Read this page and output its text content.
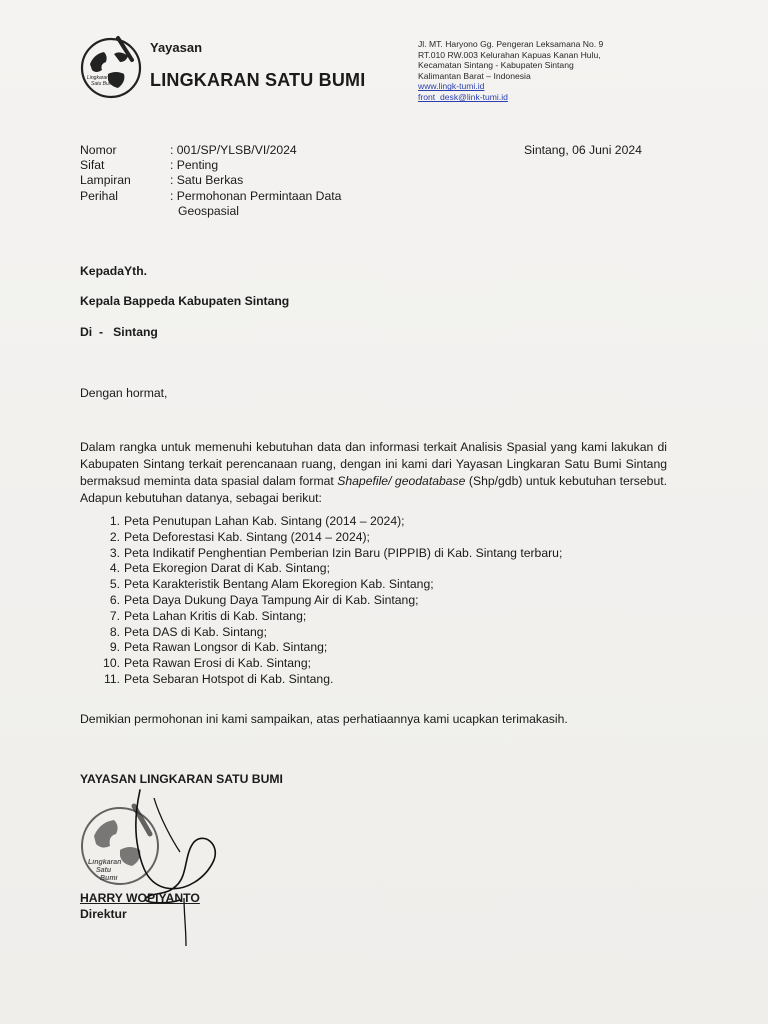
Lingkaran
Satu Bumi
Yayasan
LINGKARAN SATU BUMI
Jl. MT. Haryono Gg. Pengeran Leksamana No. 9
RT.010 RW.003 Kelurahan Kapuas Kanan Hulu,
Kecamatan Sintang - Kabupaten Sintang
Kalimantan Barat – Indonesia
www.lingk-tumi.id
front_desk@link-tumi.id
Nomor	: 001/SP/YLSB/VI/2024
Sifat	: Penting
Lampiran	: Satu Berkas
Perihal	: Permohonan Permintaan Data
Geospasial
Sintang, 06 Juni 2024
KepadaYth.
Kepala Bappeda Kabupaten Sintang
Di  -   Sintang
Dengan hormat,
Dalam rangka untuk memenuhi kebutuhan data dan informasi terkait Analisis Spasial yang kami lakukan di Kabupaten Sintang terkait perencanaan ruang, dengan ini kami dari Yayasan Lingkaran Satu Bumi Sintang bermaksud meminta data spasial dalam format Shapefile/ geodatabase (Shp/gdb) untuk kebutuhan tersebut. Adapun kebutuhan datanya, sebagai berikut:
1. Peta Penutupan Lahan Kab. Sintang (2014 – 2024);
2. Peta Deforestasi Kab. Sintang (2014 – 2024);
3. Peta Indikatif Penghentian Pemberian Izin Baru (PIPPIB) di Kab. Sintang terbaru;
4. Peta Ekoregion Darat di Kab. Sintang;
5. Peta Karakteristik Bentang Alam Ekoregion Kab. Sintang;
6. Peta Daya Dukung Daya Tampung Air di Kab. Sintang;
7. Peta Lahan Kritis di Kab. Sintang;
8. Peta DAS di Kab. Sintang;
9. Peta Rawan Longsor di Kab. Sintang;
10. Peta Rawan Erosi di Kab. Sintang;
11. Peta Sebaran Hotspot di Kab. Sintang.
Demikian permohonan ini kami sampaikan, atas perhatiaannya kami ucapkan terimakasih.
YAYASAN LINGKARAN SATU BUMI
Lingkaran
Satu
Bumi
HARRY WOPIYANTO
Direktur
